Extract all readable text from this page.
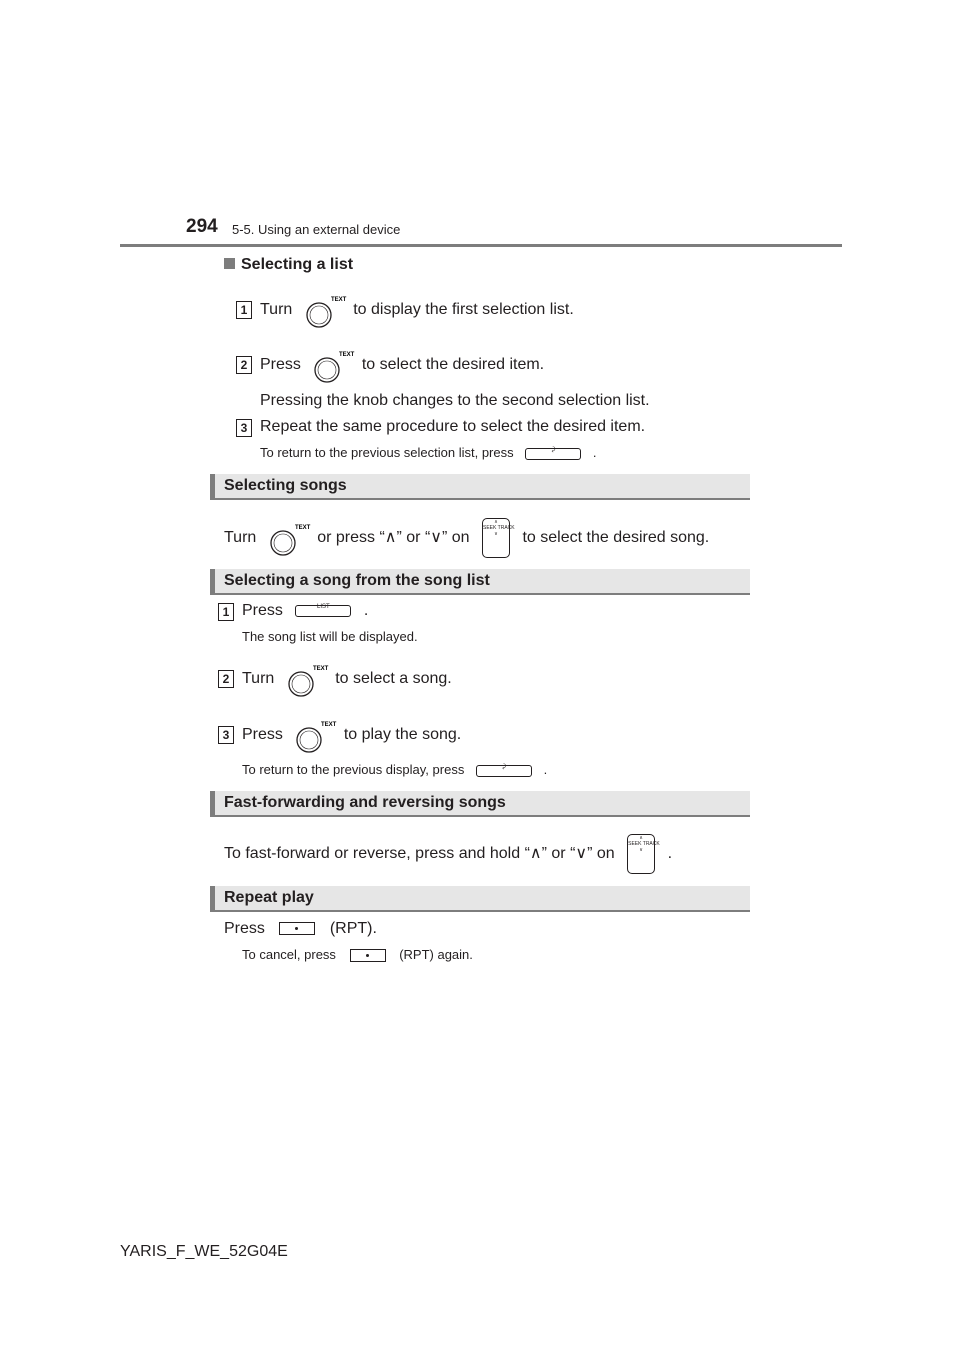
294 5-5. Using an external device
Selecting a list
1 Turn
TEXT
to display the first selection list.
2 Press
TEXT
to select the desired item.
Pressing the knob changes to the second selection list.
3 Repeat the same procedure to select the desired item.
To return to the previous selection list, press	⤸	.
Selecting songs
Turn
TEXT
or press “∧” or “∨” on ∧
SEEK TRACK
∨ to select the desired song.
Selecting a song from the song list
1 Press	LIST	.
The song list will be displayed.
2 Turn
TEXT
to select a song.
3 Press
TEXT
to play the song.
To return to the previous display, press	⤸	.
Fast-forwarding and reversing songs
To fast-forward or reverse, press and hold “∧” or “∨” on ∧
SEEK TRACK
∨ .
Repeat play
Press	(RPT).
To cancel, press	(RPT) again.
YARIS_F_WE_52G04E
